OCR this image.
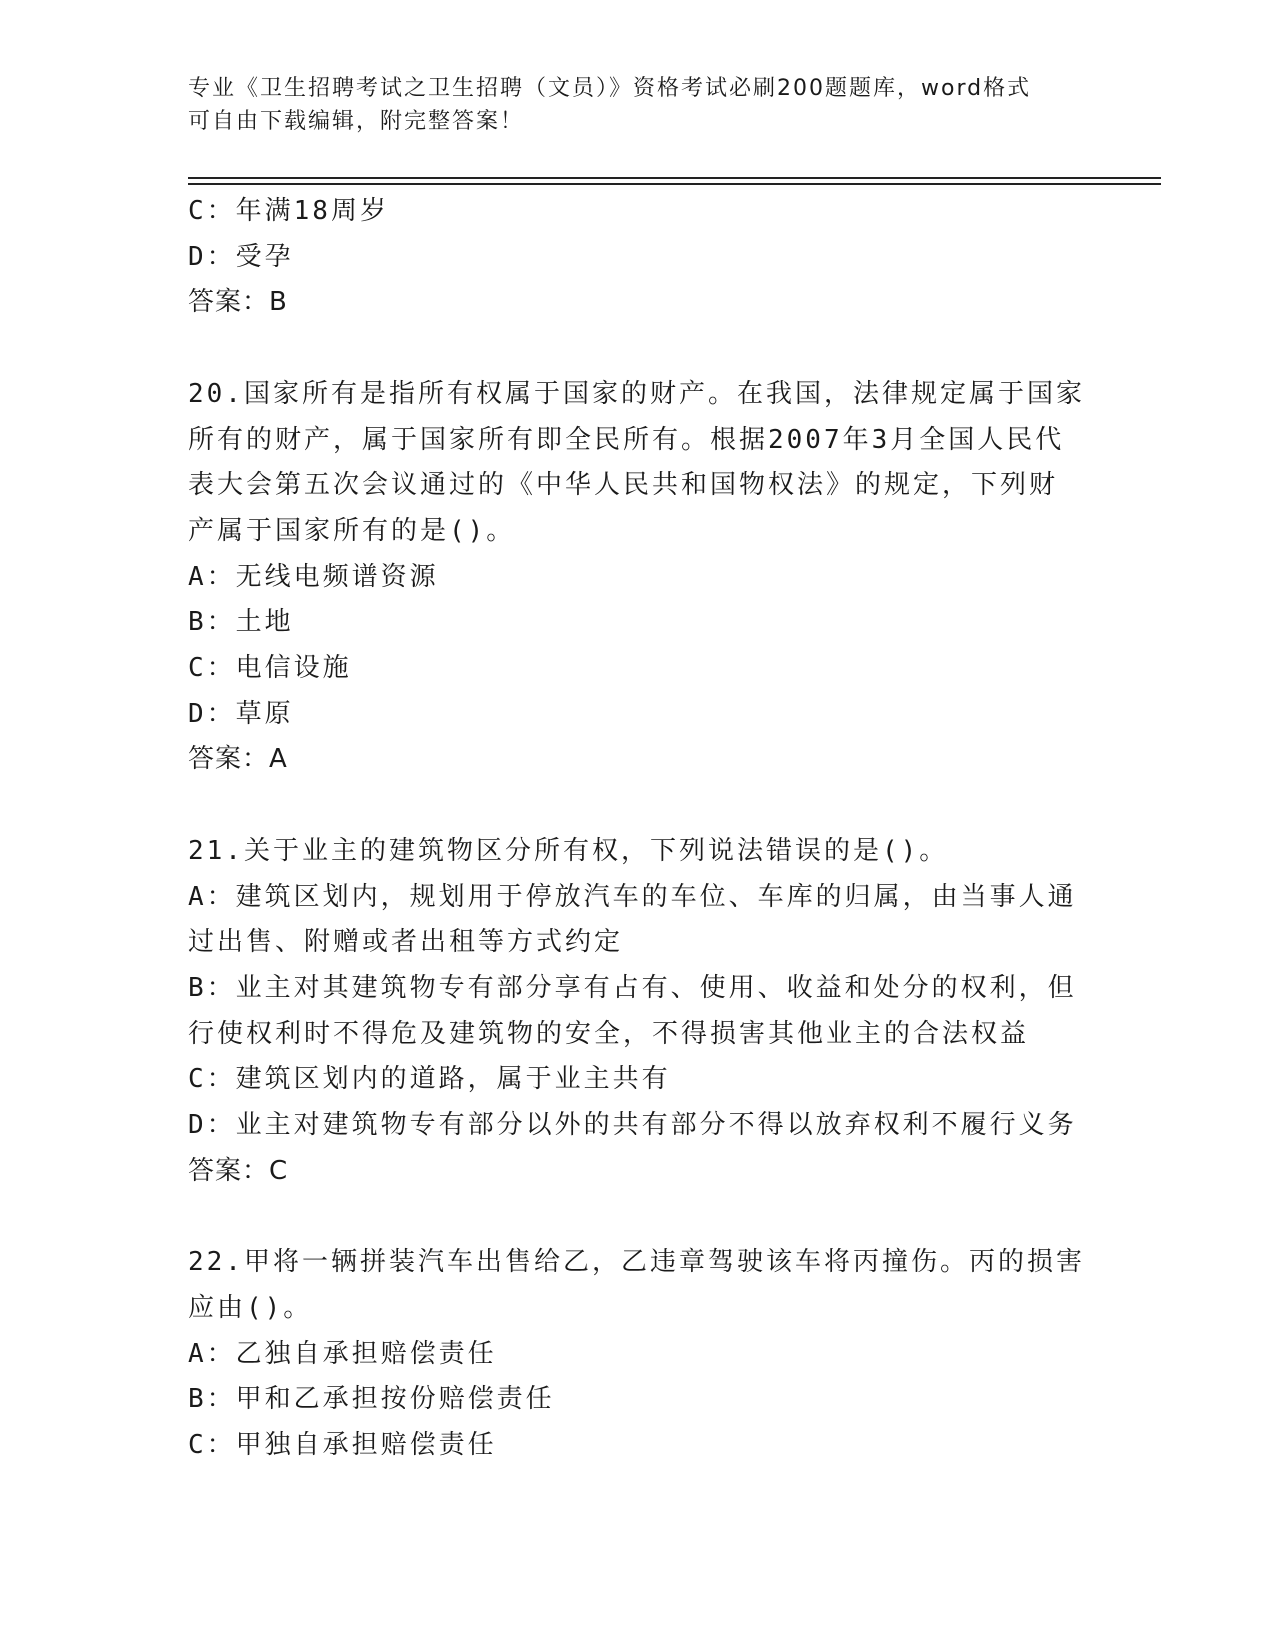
专业《卫生招聘考试之卫生招聘（文员）》资格考试必刷200题题库，word格式
可自由下载编辑，附完整答案！
C：年满18周岁
D：受孕
答案：B
20.国家所有是指所有权属于国家的财产。在我国，法律规定属于国家
所有的财产，属于国家所有即全民所有。根据2007年3月全国人民代
表大会第五次会议通过的《中华人民共和国物权法》的规定，下列财
产属于国家所有的是()。
A：无线电频谱资源
B：土地
C：电信设施
D：草原
答案：A
21.关于业主的建筑物区分所有权，下列说法错误的是()。
A：建筑区划内，规划用于停放汽车的车位、车库的归属，由当事人通
过出售、附赠或者出租等方式约定
B：业主对其建筑物专有部分享有占有、使用、收益和处分的权利，但
行使权利时不得危及建筑物的安全，不得损害其他业主的合法权益
C：建筑区划内的道路，属于业主共有
D：业主对建筑物专有部分以外的共有部分不得以放弃权利不履行义务
答案：C
22.甲将一辆拼装汽车出售给乙，乙违章驾驶该车将丙撞伤。丙的损害
应由()。
A：乙独自承担赔偿责任
B：甲和乙承担按份赔偿责任
C：甲独自承担赔偿责任
